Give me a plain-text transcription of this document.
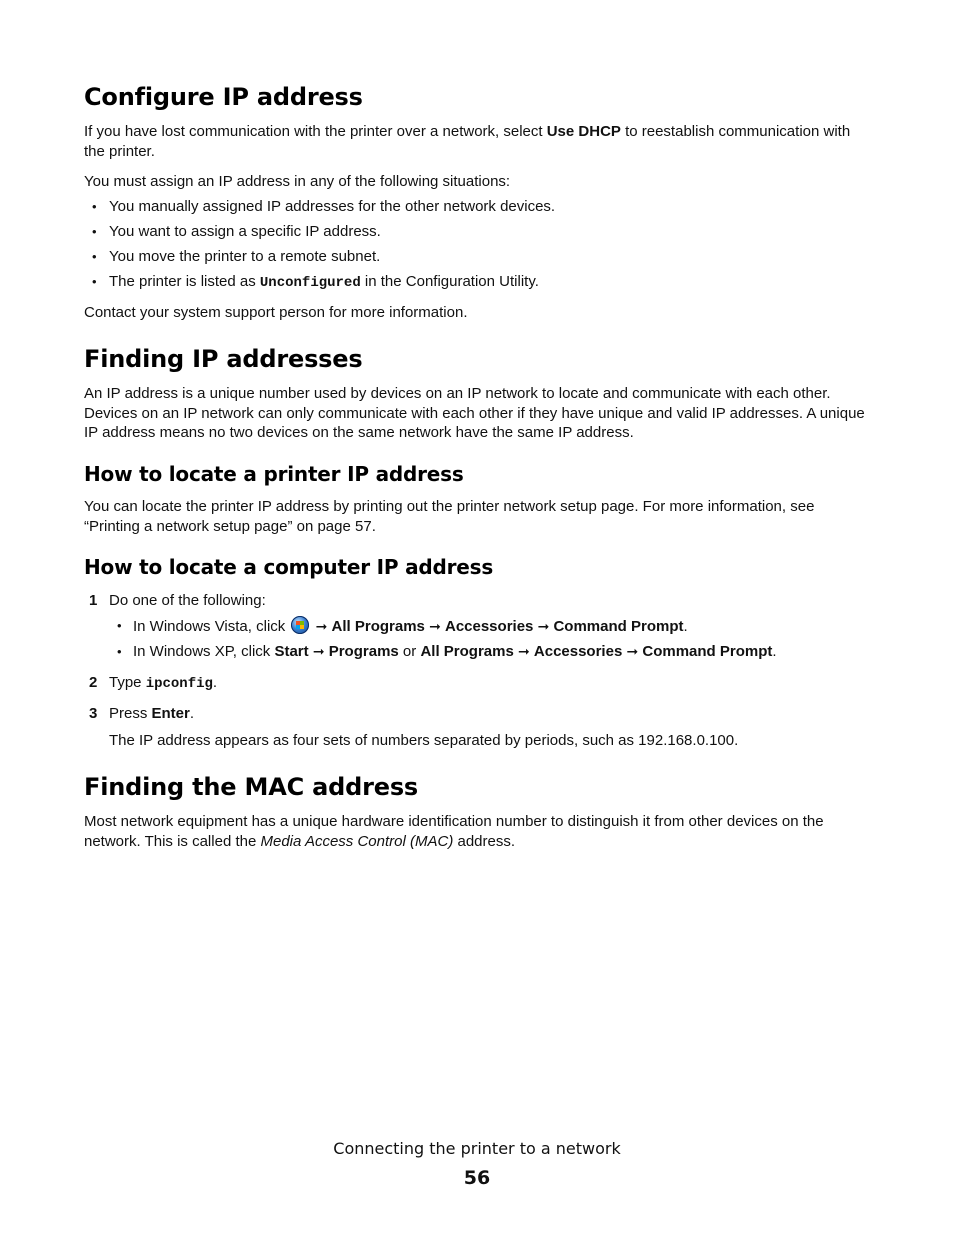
Configure IP address

If you have lost communication with the printer over a network, select Use DHCP to reestablish communication with the printer.

You must assign an IP address in any of the following situations:

• You manually assigned IP addresses for the other network devices.
• You want to assign a specific IP address.
• You move the printer to a remote subnet.
• The printer is listed as Unconfigured in the Configuration Utility.

Contact your system support person for more information.

Finding IP addresses

An IP address is a unique number used by devices on an IP network to locate and communicate with each other. Devices on an IP network can only communicate with each other if they have unique and valid IP addresses. A unique IP address means no two devices on the same network have the same IP address.

How to locate a printer IP address

You can locate the printer IP address by printing out the printer network setup page. For more information, see “Printing a network setup page” on page 57.

How to locate a computer IP address
1 Do one of the following:
• In Windows Vista, click ➞ All Programs ➞ Accessories ➞ Command Prompt.
• In Windows XP, click Start ➞ Programs or All Programs ➞ Accessories ➞ Command Prompt.
2 Type ipconfig.
3 Press Enter.
The IP address appears as four sets of numbers separated by periods, such as 192.168.0.100.
Finding the MAC address

Most network equipment has a unique hardware identification number to distinguish it from other devices on the network. This is called the Media Access Control (MAC) address.

Connecting the printer to a network
56
